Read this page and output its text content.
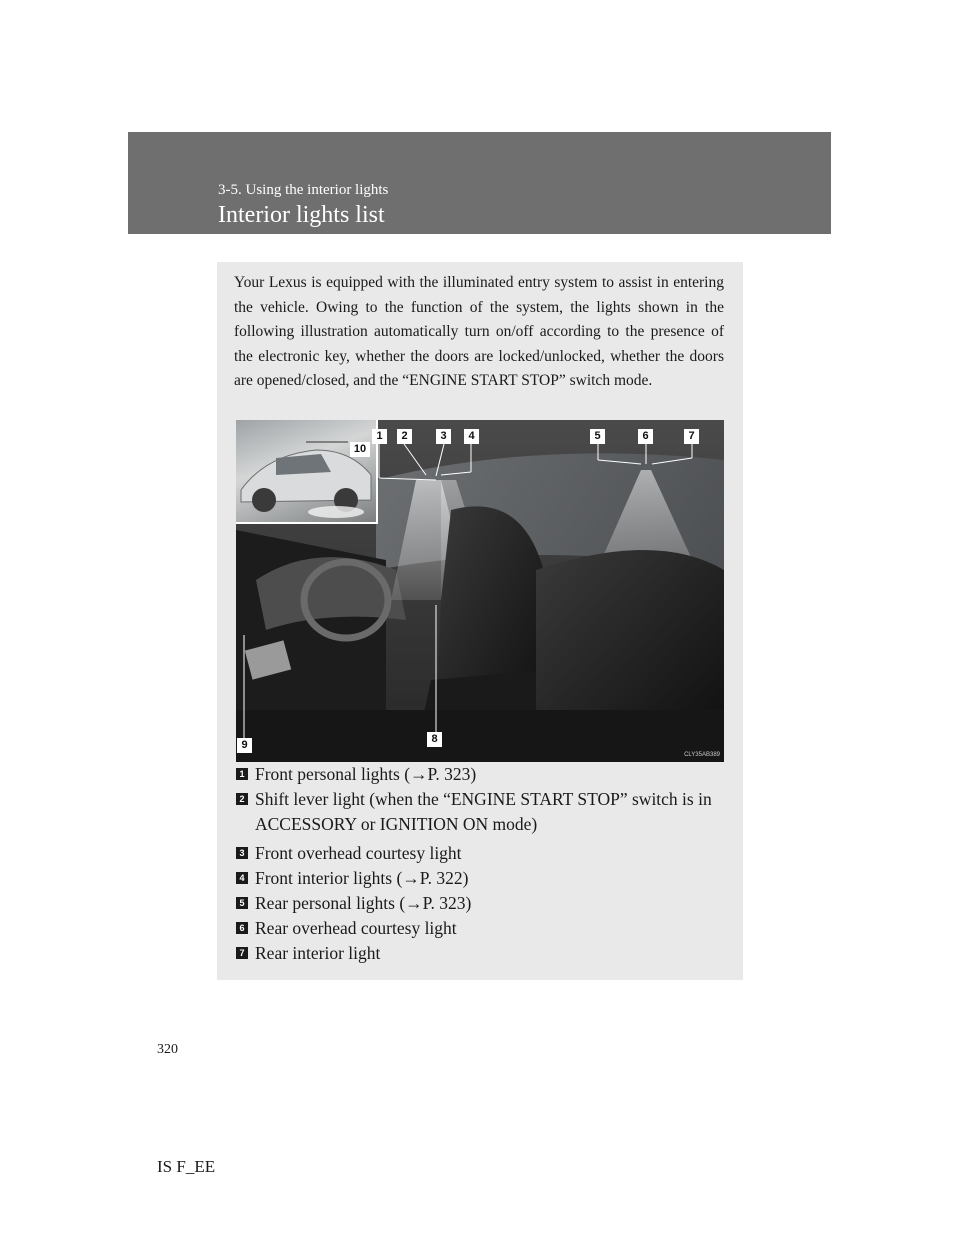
3-5. Using the interior lights
Interior lights list

Your Lexus is equipped with the illuminated entry system to assist in entering the vehicle. Owing to the function of the system, the lights shown in the following illustration automatically turn on/off according to the presence of the electronic key, whether the doors are locked/unlocked, whether the doors are opened/closed, and the “ENGINE START STOP” switch mode.

10
1	2	3	4	5	6	7
8
9
CLY35AB389
1 Front personal lights (→P. 323)
2 Shift lever light (when the “ENGINE START STOP” switch is in ACCESSORY or IGNITION ON mode)
3 Front overhead courtesy light
4 Front interior lights (→P. 322)
5 Rear personal lights (→P. 323)
6 Rear overhead courtesy light
7 Rear interior light
320
IS F_EE
